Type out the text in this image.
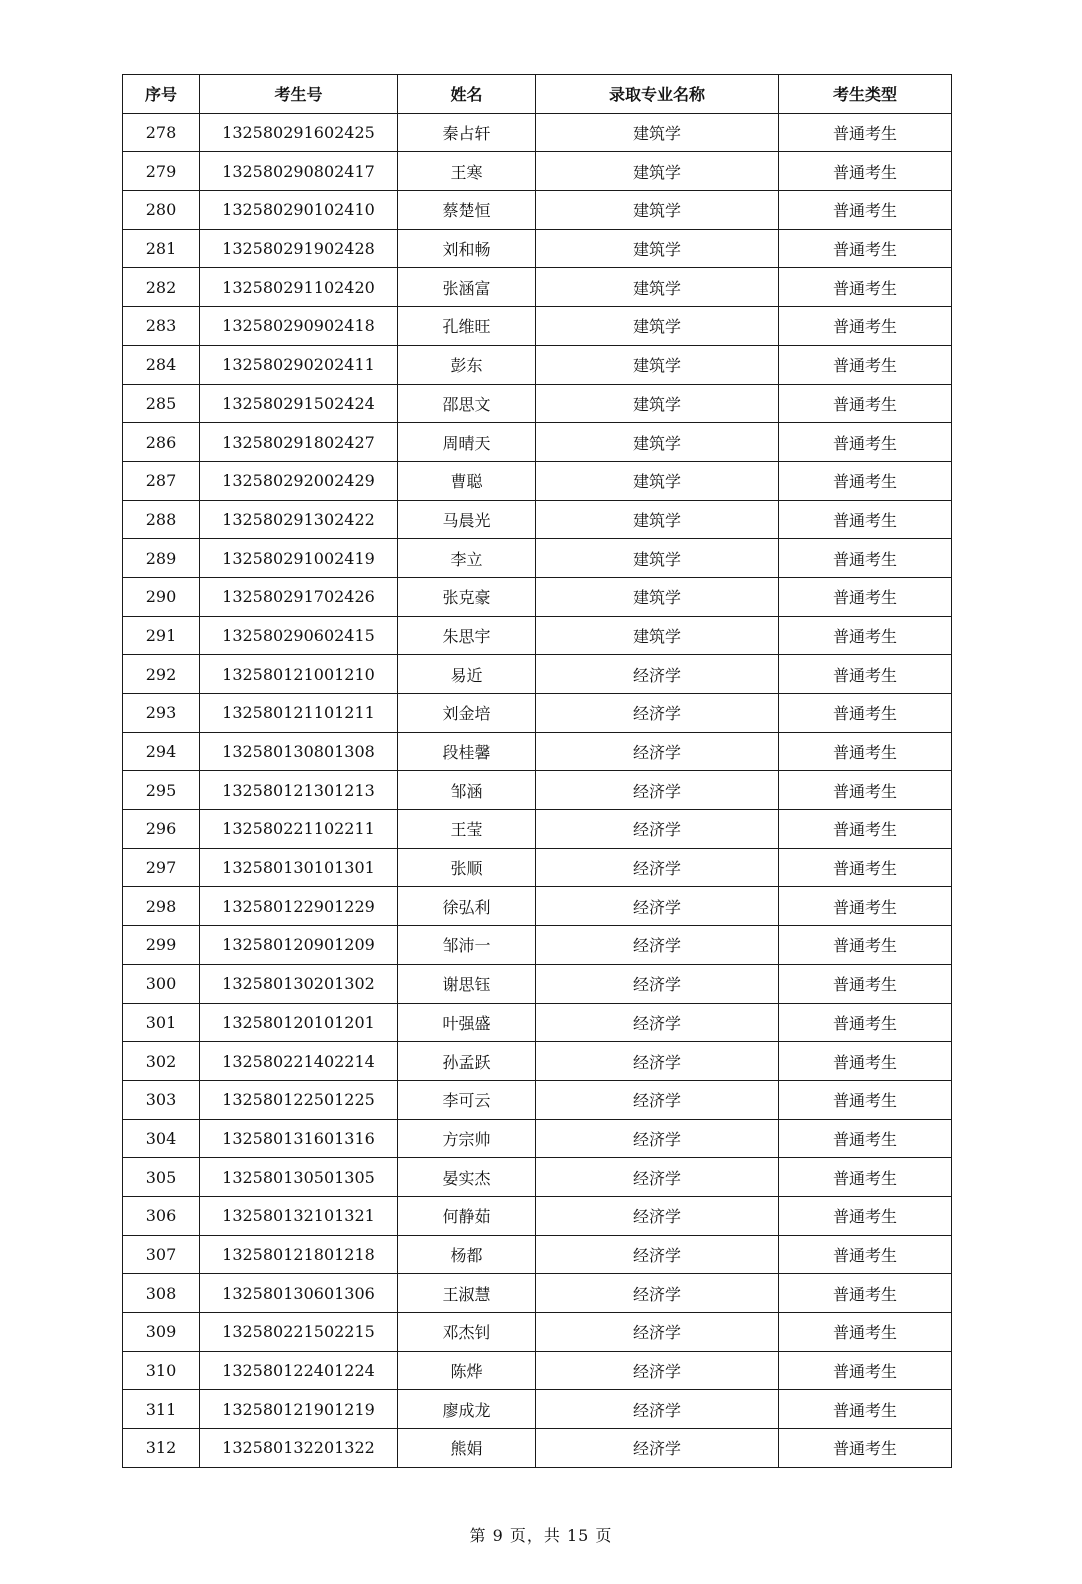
序号	考生号	姓名	录取专业名称	考生类型
278	132580291602425	秦占轩	建筑学	普通考生
279	132580290802417	王寒	建筑学	普通考生
280	132580290102410	蔡楚恒	建筑学	普通考生
281	132580291902428	刘和畅	建筑学	普通考生
282	132580291102420	张涵富	建筑学	普通考生
283	132580290902418	孔维旺	建筑学	普通考生
284	132580290202411	彭东	建筑学	普通考生
285	132580291502424	邵思文	建筑学	普通考生
286	132580291802427	周晴天	建筑学	普通考生
287	132580292002429	曹聪	建筑学	普通考生
288	132580291302422	马晨光	建筑学	普通考生
289	132580291002419	李立	建筑学	普通考生
290	132580291702426	张克豪	建筑学	普通考生
291	132580290602415	朱思宇	建筑学	普通考生
292	132580121001210	易近	经济学	普通考生
293	132580121101211	刘金培	经济学	普通考生
294	132580130801308	段桂馨	经济学	普通考生
295	132580121301213	邹涵	经济学	普通考生
296	132580221102211	王莹	经济学	普通考生
297	132580130101301	张顺	经济学	普通考生
298	132580122901229	徐弘利	经济学	普通考生
299	132580120901209	邹沛一	经济学	普通考生
300	132580130201302	谢思钰	经济学	普通考生
301	132580120101201	叶强盛	经济学	普通考生
302	132580221402214	孙孟跃	经济学	普通考生
303	132580122501225	李可云	经济学	普通考生
304	132580131601316	方宗帅	经济学	普通考生
305	132580130501305	晏实杰	经济学	普通考生
306	132580132101321	何静茹	经济学	普通考生
307	132580121801218	杨都	经济学	普通考生
308	132580130601306	王淑慧	经济学	普通考生
309	132580221502215	邓杰钊	经济学	普通考生
310	132580122401224	陈烨	经济学	普通考生
311	132580121901219	廖成龙	经济学	普通考生
312	132580132201322	熊娟	经济学	普通考生
第 9 页，共 15 页
